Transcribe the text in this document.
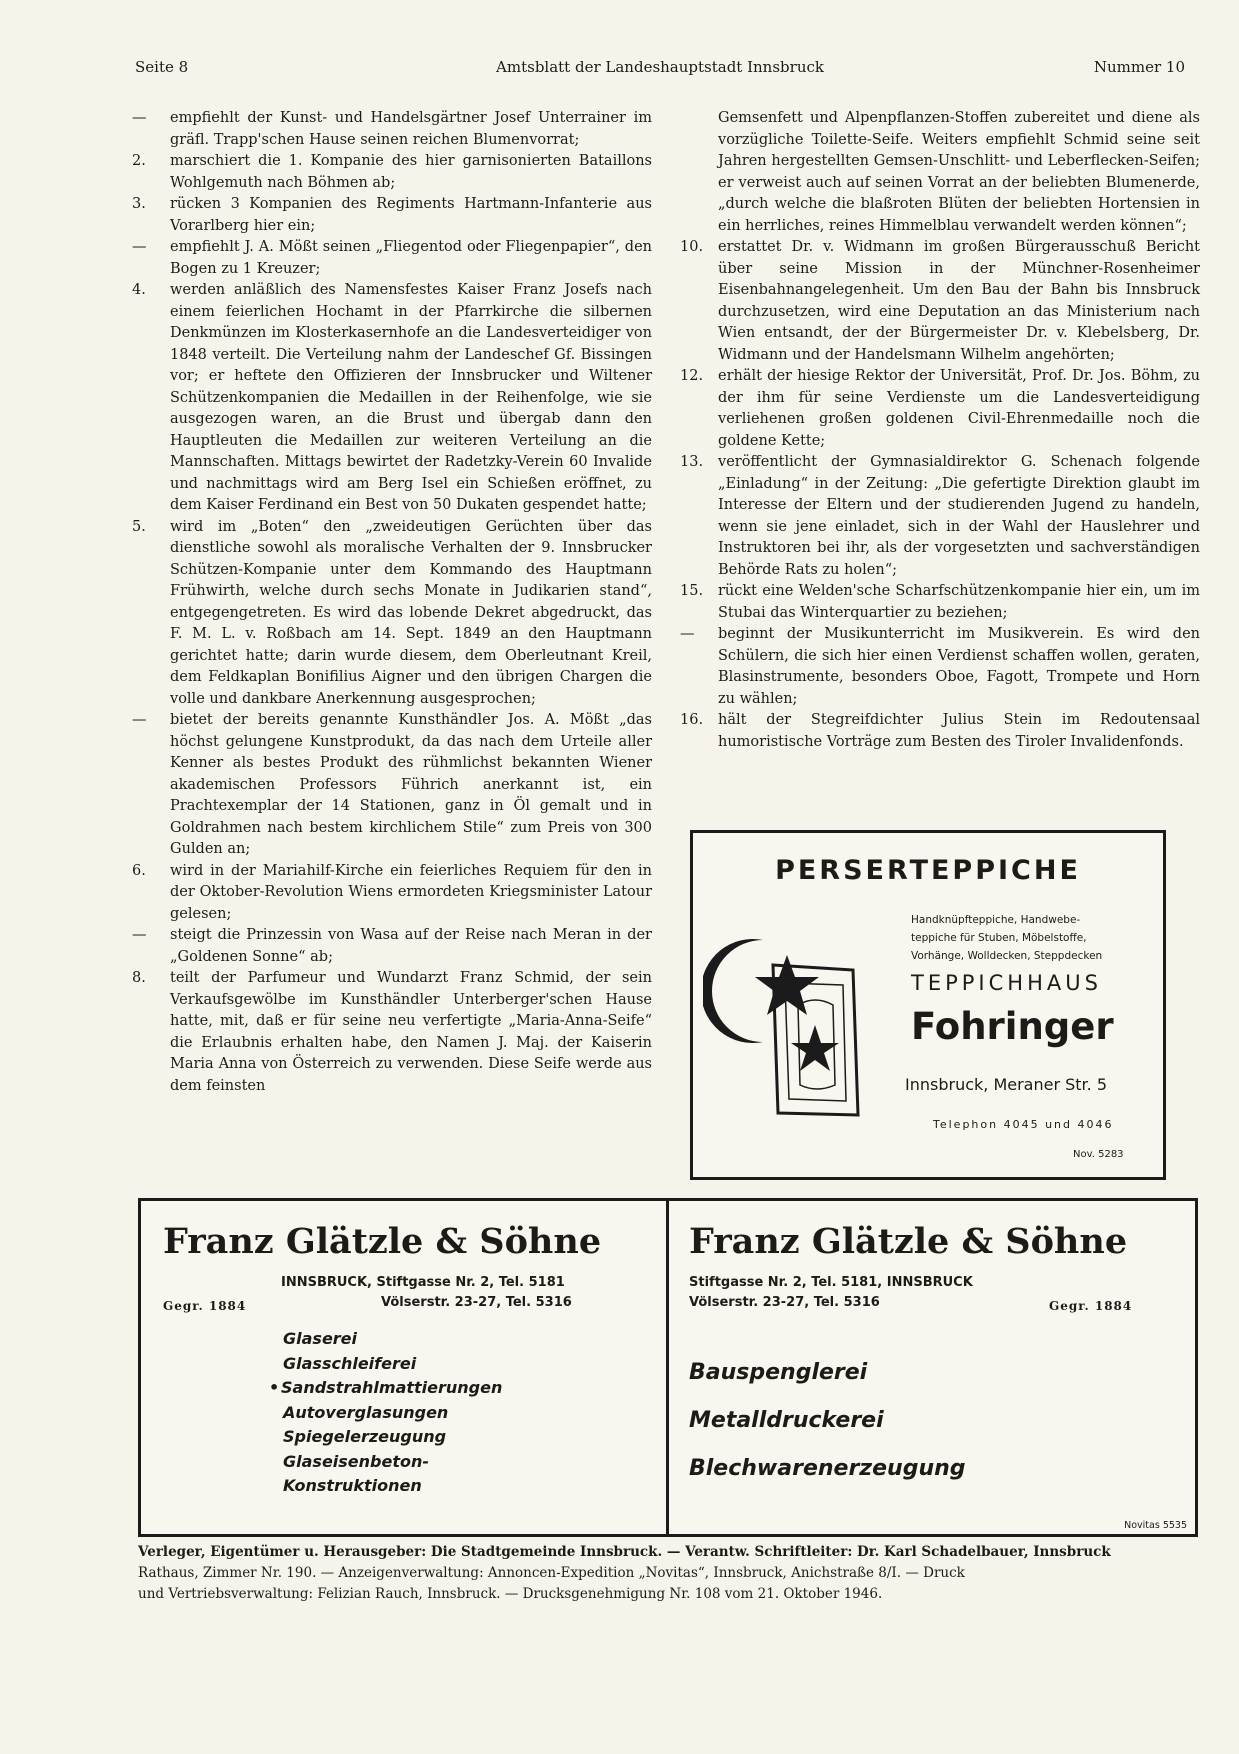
Seite 8	Amtsblatt der Landeshauptstadt Innsbruck	Nummer 10

—	empfiehlt der Kunst- und Handelsgärtner Josef Unterrainer im gräfl. Trapp'schen Hause seinen reichen Blumenvorrat;

2.	marschiert die 1. Kompanie des hier garnisonierten Bataillons Wohlgemuth nach Böhmen ab;

3.	rücken 3 Kompanien des Regiments Hartmann-Infanterie aus Vorarlberg hier ein;

—	empfiehlt J. A. Mößt seinen „Fliegentod oder Fliegenpapier“, den Bogen zu 1 Kreuzer;

4.	werden anläßlich des Namensfestes Kaiser Franz Josefs nach einem feierlichen Hochamt in der Pfarrkirche die silbernen Denkmünzen im Klosterkasernhofe an die Landesverteidiger von 1848 verteilt. Die Verteilung nahm der Landeschef Gf. Bissingen vor; er heftete den Offizieren der Innsbrucker und Wiltener Schützenkompanien die Medaillen in der Reihenfolge, wie sie ausgezogen waren, an die Brust und übergab dann den Hauptleuten die Medaillen zur weiteren Verteilung an die Mannschaften. Mittags bewirtet der Radetzky-Verein 60 Invalide und nachmittags wird am Berg Isel ein Schießen eröffnet, zu dem Kaiser Ferdinand ein Best von 50 Dukaten gespendet hatte;

5.	wird im „Boten“ den „zweideutigen Gerüchten über das dienstliche sowohl als moralische Verhalten der 9. Innsbrucker Schützen-Kompanie unter dem Kommando des Hauptmann Frühwirth, welche durch sechs Monate in Judikarien stand“, entgegengetreten. Es wird das lobende Dekret abgedruckt, das F. M. L. v. Roßbach am 14. Sept. 1849 an den Hauptmann gerichtet hatte; darin wurde diesem, dem Oberleutnant Kreil, dem Feldkaplan Bonifilius Aigner und den übrigen Chargen die volle und dankbare Anerkennung ausgesprochen;

—	bietet der bereits genannte Kunsthändler Jos. A. Mößt „das höchst gelungene Kunstprodukt, da das nach dem Urteile aller Kenner als bestes Produkt des rühmlichst bekannten Wiener akademischen Professors Führich anerkannt ist, ein Prachtexemplar der 14 Stationen, ganz in Öl gemalt und in Goldrahmen nach bestem kirchlichem Stile“ zum Preis von 300 Gulden an;

6.	wird in der Mariahilf-Kirche ein feierliches Requiem für den in der Oktober-Revolution Wiens ermordeten Kriegsminister Latour gelesen;

—	steigt die Prinzessin von Wasa auf der Reise nach Meran in der „Goldenen Sonne“ ab;

8.	teilt der Parfumeur und Wundarzt Franz Schmid, der sein Verkaufsgewölbe im Kunsthändler Unterberger'schen Hause hatte, mit, daß er für seine neu verfertigte „Maria-Anna-Seife“ die Erlaubnis erhalten habe, den Namen J. Maj. der Kaiserin Maria Anna von Österreich zu verwenden. Diese Seife werde aus dem feinsten

Gemsenfett und Alpenpflanzen-Stoffen zubereitet und diene als vorzügliche Toilette-Seife. Weiters empfiehlt Schmid seine seit Jahren hergestellten Gemsen-Unschlitt- und Leberflecken-Seifen; er verweist auch auf seinen Vorrat an der beliebten Blumenerde, „durch welche die blaßroten Blüten der beliebten Hortensien in ein herrliches, reines Himmelblau verwandelt werden können“;

10.	erstattet Dr. v. Widmann im großen Bürgerausschuß Bericht über seine Mission in der Münchner-Rosenheimer Eisenbahnangelegenheit. Um den Bau der Bahn bis Innsbruck durchzusetzen, wird eine Deputation an das Ministerium nach Wien entsandt, der der Bürgermeister Dr. v. Klebelsberg, Dr. Widmann und der Handelsmann Wilhelm angehörten;

12.	erhält der hiesige Rektor der Universität, Prof. Dr. Jos. Böhm, zu der ihm für seine Verdienste um die Landesverteidigung verliehenen großen goldenen Civil-Ehrenmedaille noch die goldene Kette;

13.	veröffentlicht der Gymnasialdirektor G. Schenach folgende „Einladung“ in der Zeitung: „Die gefertigte Direktion glaubt im Interesse der Eltern und der studierenden Jugend zu handeln, wenn sie jene einladet, sich in der Wahl der Hauslehrer und Instruktoren bei ihr, als der vorgesetzten und sachverständigen Behörde Rats zu holen“;

15.	rückt eine Welden'sche Scharfschützenkompanie hier ein, um im Stubai das Winterquartier zu beziehen;

—	beginnt der Musikunterricht im Musikverein. Es wird den Schülern, die sich hier einen Verdienst schaffen wollen, geraten, Blasinstrumente, besonders Oboe, Fagott, Trompete und Horn zu wählen;

16.	hält der Stegreifdichter Julius Stein im Redoutensaal humoristische Vorträge zum Besten des Tiroler Invalidenfonds.

PERSERTEPPICHE
Handknüpfteppiche, Handwebe-
teppiche für Stuben, Möbelstoffe,
Vorhänge, Wolldecken, Steppdecken
TEPPICHHAUS
Fohringer
Innsbruck, Meraner Str. 5
Telephon 4045 und 4046
Nov. 5283
Franz Glätzle & Söhne
INNSBRUCK, Stiftgasse Nr. 2, Tel. 5181
Völserstr. 23-27, Tel. 5316
Gegr. 1884
Glaserei
Glasschleiferei
• Sandstrahlmattierungen
Autoverglasungen
Spiegelerzeugung
Glaseisenbeton-
Konstruktionen
Franz Glätzle & Söhne
Stiftgasse Nr. 2, Tel. 5181, INNSBRUCK
Völserstr. 23-27, Tel. 5316	Gegr. 1884
Bauspenglerei
Metalldruckerei
Blechwarenerzeugung
Novitas 5535
Verleger, Eigentümer u. Herausgeber: Die Stadtgemeinde Innsbruck. — Verantw. Schriftleiter: Dr. Karl Schadelbauer, Innsbruck
Rathaus, Zimmer Nr. 190. — Anzeigenverwaltung: Annoncen-Expedition „Novitas“, Innsbruck, Anichstraße 8/I. — Druck
und Vertriebsverwaltung: Felizian Rauch, Innsbruck. — Drucksgenehmigung Nr. 108 vom 21. Oktober 1946.
